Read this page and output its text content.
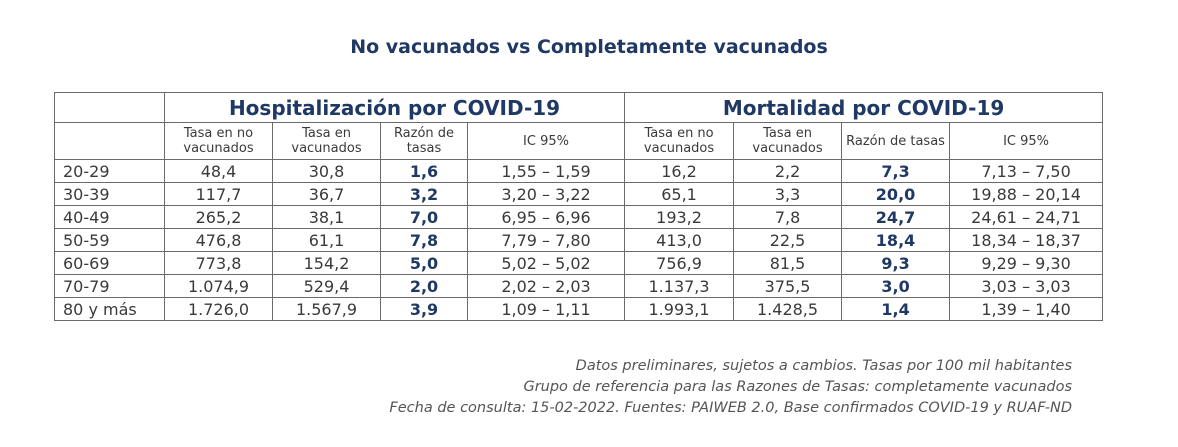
No vacunados vs Completamente vacunados
	Hospitalización por COVID-19				Mortalidad por COVID-19			
	Tasa en no vacunados	Tasa en vacunados	Razón de tasas	IC 95%	Tasa en no vacunados	Tasa en vacunados	Razón de tasas	IC 95%
20-29	48,4	30,8	1,6	1,55 – 1,59	16,2	2,2	7,3	7,13 – 7,50
30-39	117,7	36,7	3,2	3,20 – 3,22	65,1	3,3	20,0	19,88 – 20,14
40-49	265,2	38,1	7,0	6,95 – 6,96	193,2	7,8	24,7	24,61 – 24,71
50-59	476,8	61,1	7,8	7,79 – 7,80	413,0	22,5	18,4	18,34 – 18,37
60-69	773,8	154,2	5,0	5,02 – 5,02	756,9	81,5	9,3	9,29 – 9,30
70-79	1.074,9	529,4	2,0	2,02 – 2,03	1.137,3	375,5	3,0	3,03 – 3,03
80 y más	1.726,0	1.567,9	3,9	1,09 – 1,11	1.993,1	1.428,5	1,4	1,39 – 1,40
Datos preliminares, sujetos a cambios. Tasas por 100 mil habitantes
Grupo de referencia para las Razones de Tasas: completamente vacunados
Fecha de consulta: 15-02-2022. Fuentes: PAIWEB 2.0, Base confirmados COVID-19 y RUAF-ND
